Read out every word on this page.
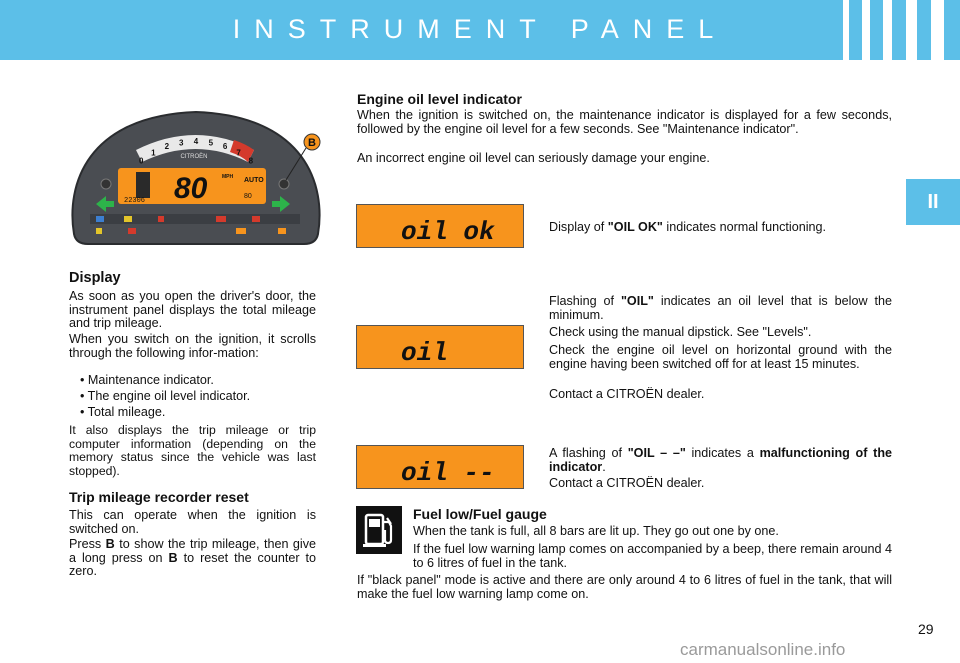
INSTRUMENT PANEL
II
0
1
2 3 4 5 6
7
8
CITROËN
80
22306
MPH AUTO
80
B
Display
As soon as you open the driver's door, the instrument panel displays the total mileage and trip mileage.
When you switch on the ignition, it scrolls through the following infor-mation:
• Maintenance indicator.
• The engine oil level indicator.
• Total mileage.
It also displays the trip mileage or trip computer information (depending on the memory status since the vehicle was last stopped).
Trip mileage recorder reset
This can operate when the ignition is switched on.
Press B to show the trip mileage, then give a long press on B to reset the counter to zero.
Engine oil level indicator
When the ignition is switched on, the maintenance indicator is displayed for a few seconds, followed by the engine oil level for a few seconds. See "Maintenance indicator".
An incorrect engine oil level can seriously damage your engine.
oil ok	Display of "OIL OK" indicates normal functioning.
Flashing of "OIL" indicates an oil level that is below the minimum.
oil
Check using the manual dipstick. See "Levels".
Check the engine oil level on horizontal ground with the engine having been switched off for at least 15 minutes.
Contact a CITROËN dealer.
oil --
A flashing of "OIL – –" indicates a malfunctioning of the indicator.
Contact a CITROËN dealer.
Fuel low/Fuel gauge
When the tank is full, all 8 bars are lit up. They go out one by one.
If the fuel low warning lamp comes on accompanied by a beep, there remain around 4 to 6 litres of fuel in the tank.
If "black panel" mode is active and there are only around 4 to 6 litres of fuel in the tank, that will make the fuel low warning lamp come on.
29
carmanualsonline.info
